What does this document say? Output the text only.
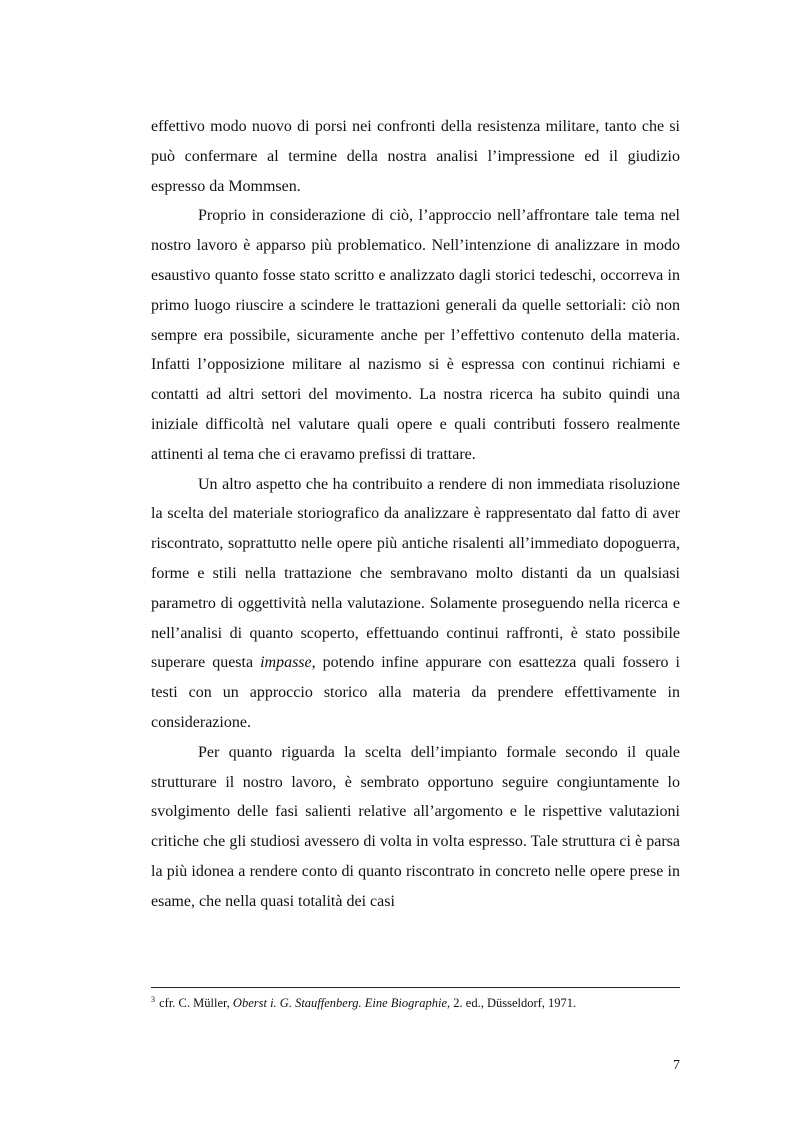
effettivo modo nuovo di porsi nei confronti della resistenza militare, tanto che si può confermare al termine della nostra analisi l’impressione ed il giudizio espresso da Mommsen.

Proprio in considerazione di ciò, l’approccio nell’affrontare tale tema nel nostro lavoro è apparso più problematico. Nell’intenzione di analizzare in modo esaustivo quanto fosse stato scritto e analizzato dagli storici tedeschi, occorreva in primo luogo riuscire a scindere le trattazioni generali da quelle settoriali: ciò non sempre era possibile, sicuramente anche per l’effettivo contenuto della materia. Infatti l’opposizione militare al nazismo si è espressa con continui richiami e contatti ad altri settori del movimento. La nostra ricerca ha subito quindi una iniziale difficoltà nel valutare quali opere e quali contributi fossero realmente attinenti al tema che ci eravamo prefissi di trattare.

Un altro aspetto che ha contribuito a rendere di non immediata risoluzione la scelta del materiale storiografico da analizzare è rappresentato dal fatto di aver riscontrato, soprattutto nelle opere più antiche risalenti all’immediato dopoguerra, forme e stili nella trattazione che sembravano molto distanti da un qualsiasi parametro di oggettività nella valutazione. Solamente proseguendo nella ricerca e nell’analisi di quanto scoperto, effettuando continui raffronti, è stato possibile superare questa impasse, potendo infine appurare con esattezza quali fossero i testi con un approccio storico alla materia da prendere effettivamente in considerazione.

Per quanto riguarda la scelta dell’impianto formale secondo il quale strutturare il nostro lavoro, è sembrato opportuno seguire congiuntamente lo svolgimento delle fasi salienti relative all’argomento e le rispettive valutazioni critiche che gli studiosi avessero di volta in volta espresso. Tale struttura ci è parsa la più idonea a rendere conto di quanto riscontrato in concreto nelle opere prese in esame, che nella quasi totalità dei casi

$^3$ cfr. C. Müller, Oberst i. G. Stauffenberg. Eine Biographie, 2. ed., Düsseldorf, 1971.
7
